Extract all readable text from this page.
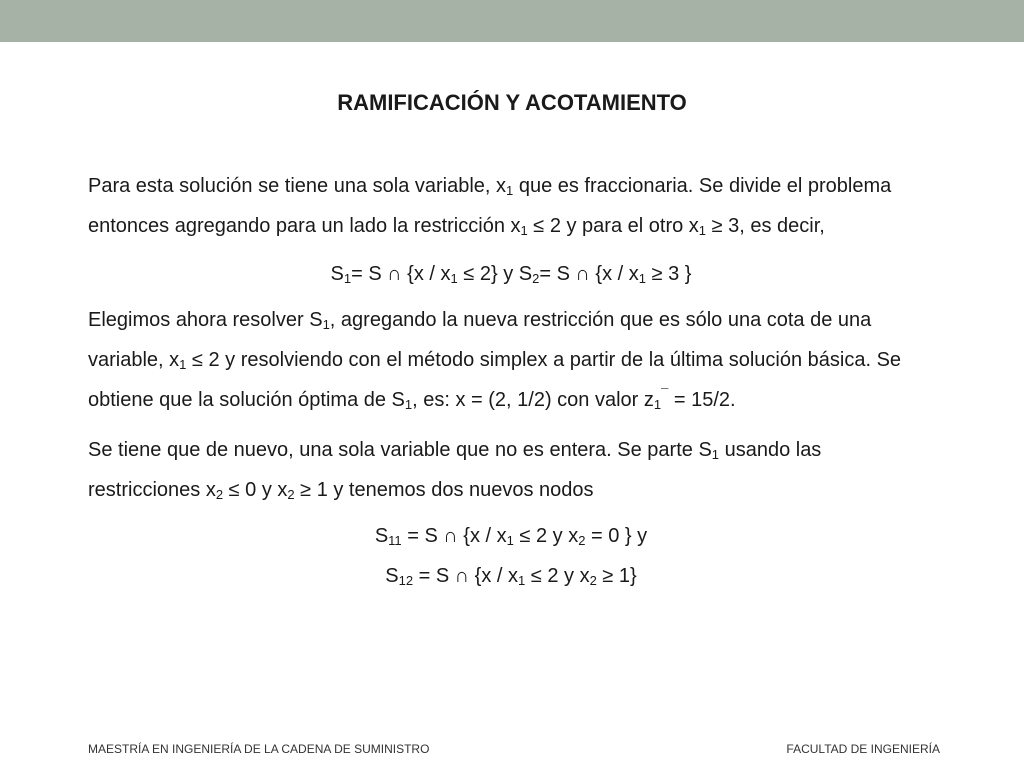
RAMIFICACIÓN Y ACOTAMIENTO

Para esta solución se tiene una sola variable, $x_1$ que es fraccionaria. Se divide el problema entonces agregando para un lado la restricción $x_1 \le 2$ y para el otro $x_1 \ge 3$, es decir,

$S_1= S$ ∩ $\{x / x_1 \le 2\}$ y $S_2= S$ ∩ {$x / x_1 \ge 3$ }

Elegimos ahora resolver $S_1$, agregando la nueva restricción que es sólo una cota de una variable, $x_1 \le 2$ y resolviendo con el método simplex a partir de la última solución básica. Se obtiene que la solución óptima de $S_1$, es: x = (2, 1/2) con valor $z_1^¯ = 15/2$.

Se tiene que de nuevo, una sola variable que no es entera. Se parte $S_1$ usando las restricciones $x_2 \le 0$ y $x_2 \ge 1$ y tenemos dos nuevos nodos

$S_{11} = S$ ∩ {$x / x_1 \le 2$ y $x_2 = 0$ } y

$S_{12} = S$ ∩ {$x / x_1 \le 2$ y $x_2 \ge 1$}

MAESTRÍA EN INGENIERÍA DE LA CADENA DE SUMINISTRO	FACULTAD DE INGENIERÍA
